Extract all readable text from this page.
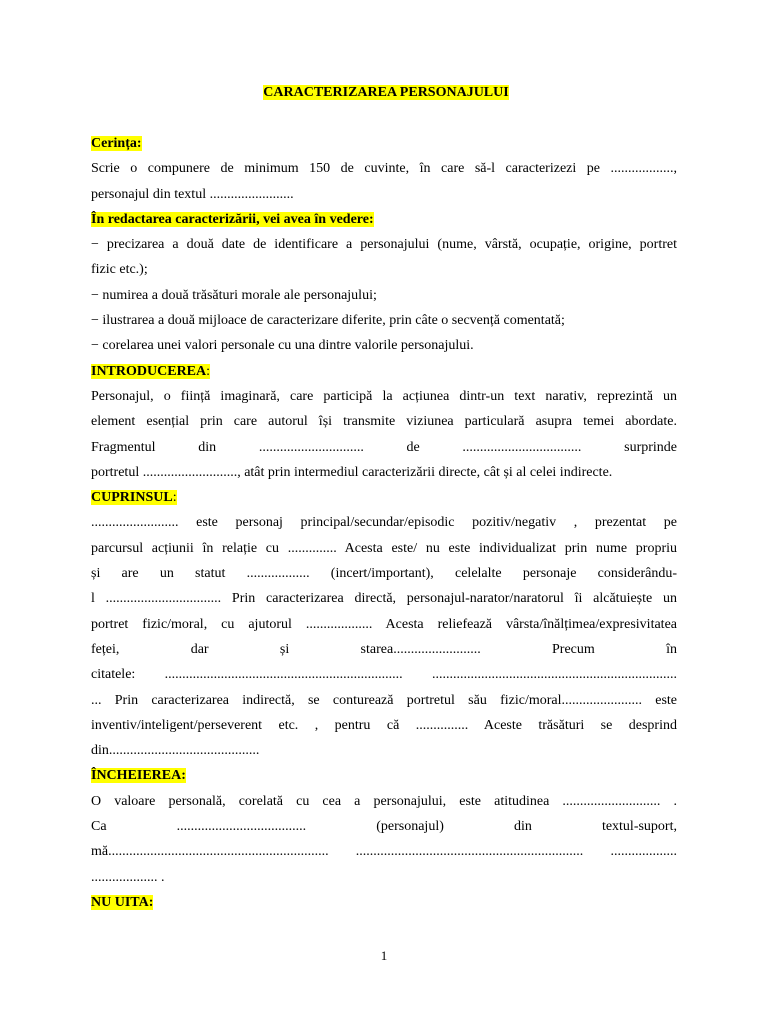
CARACTERIZAREA PERSONAJULUI
Cerința:
Scrie o compunere de minimum 150 de cuvinte, în care să-l caracterizezi pe ..................,
personajul din textul ........................
În redactarea caracterizării, vei avea în vedere:
− precizarea a două date de identificare a personajului (nume, vârstă, ocupație, origine, portret
fizic etc.);
− numirea a două trăsături morale ale personajului;
− ilustrarea a două mijloace de caracterizare diferite, prin câte o secvență comentată;
− corelarea unei valori personale cu una dintre valorile personajului.
INTRODUCEREA:
Personajul, o ființă imaginară, care participă la acțiunea dintr-un text narativ, reprezintă un
element esențial prin care autorul își transmite viziunea particulară asupra temei abordate.
Fragmentul din .............................. de .................................. surprinde
portretul ..........................., atât prin intermediul caracterizării directe, cât și al celei indirecte.
CUPRINSUL:
......................... este personaj principal/secundar/episodic pozitiv/negativ , prezentat pe
parcursul acțiunii în relație cu .............. Acesta este/ nu este individualizat prin nume propriu
și are un statut .................. (incert/important), celelalte personaje considerându-
l ................................. Prin caracterizarea directă, personajul-narator/naratorul îi alcătuiește un
portret fizic/moral, cu ajutorul ................... Acesta reliefează vârsta/înălțimea/expresivitatea
feței, dar și starea......................... Precum în
citatele: .................................................................... ......................................................................
... Prin caracterizarea indirectă, se conturează portretul său fizic/moral....................... este
inventiv/inteligent/perseverent etc. , pentru că ............... Aceste trăsături se desprind
din...........................................
ÎNCHEIEREA:
O valoare personală, corelată cu cea a personajului, este atitudinea ............................ .
Ca ..................................... (personajul) din textul-suport,
mă............................................................... ................................................................. ...................
................... .
NU UITA:
1
